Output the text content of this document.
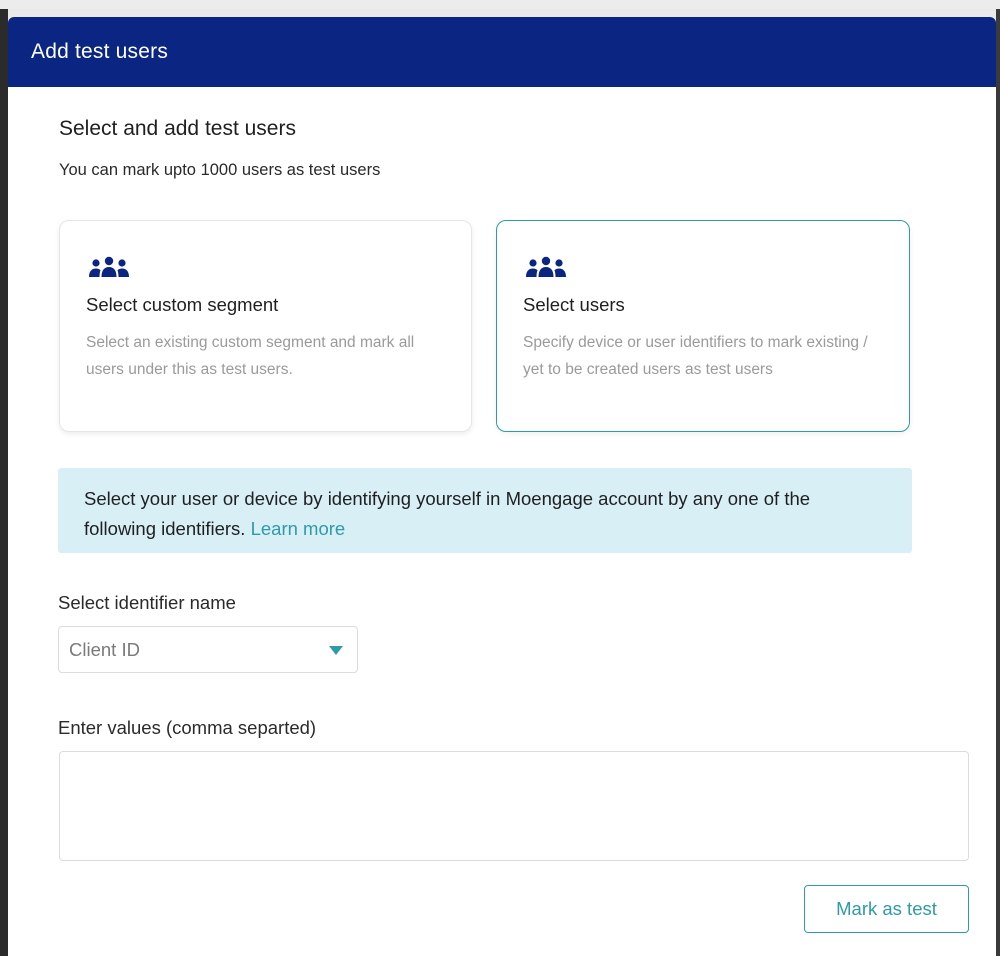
Add test users
Select and add test users
You can mark upto 1000 users as test users
Select custom segment
Select an existing custom segment and mark all users under this as test users.
Select users
Specify device or user identifiers to mark existing / yet to be created users as test users
Select your user or device by identifying yourself in Moengage account by any one of the following identifiers. Learn more
Select identifier name
Client ID
Enter values (comma separted)
Mark as test
